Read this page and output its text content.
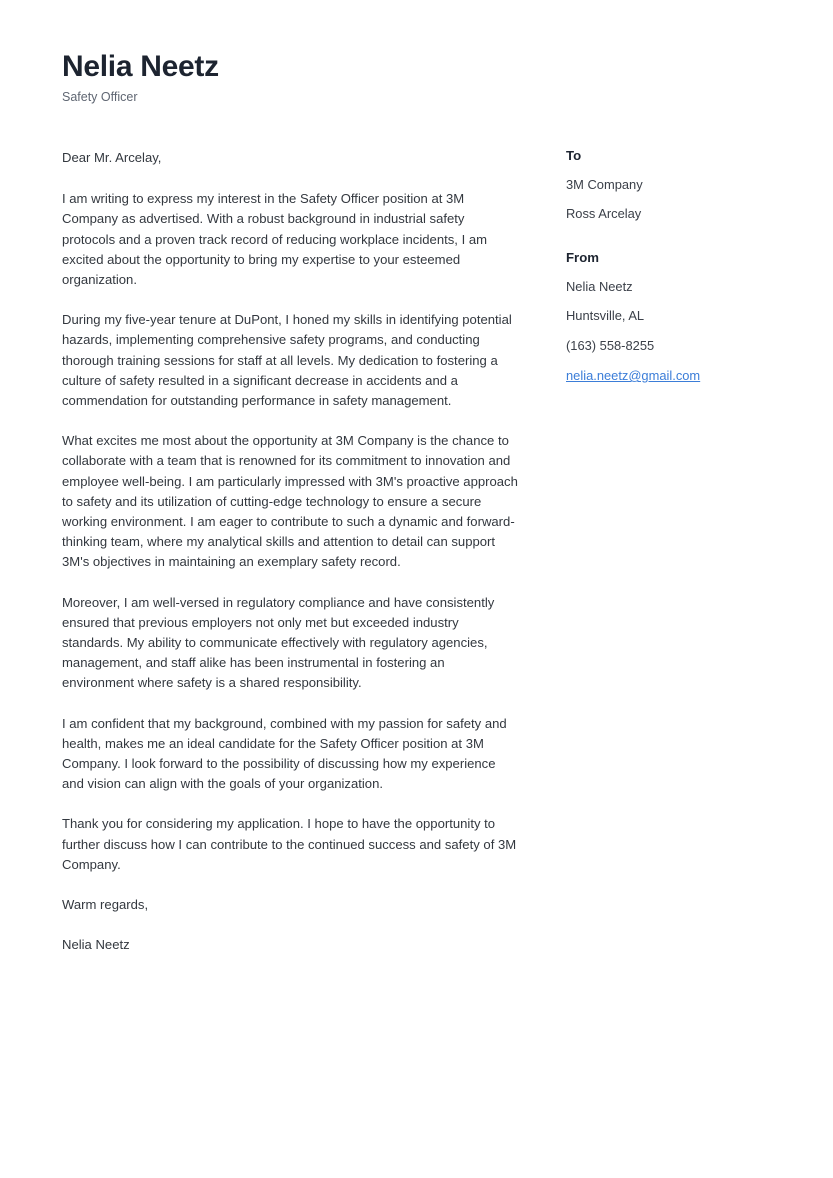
Nelia Neetz
Safety Officer

Dear Mr. Arcelay,

I am writing to express my interest in the Safety Officer position at 3M Company as advertised. With a robust background in industrial safety protocols and a proven track record of reducing workplace incidents, I am excited about the opportunity to bring my expertise to your esteemed organization.

During my five-year tenure at DuPont, I honed my skills in identifying potential hazards, implementing comprehensive safety programs, and conducting thorough training sessions for staff at all levels. My dedication to fostering a culture of safety resulted in a significant decrease in accidents and a commendation for outstanding performance in safety management.

What excites me most about the opportunity at 3M Company is the chance to collaborate with a team that is renowned for its commitment to innovation and employee well-being. I am particularly impressed with 3M's proactive approach to safety and its utilization of cutting-edge technology to ensure a secure working environment. I am eager to contribute to such a dynamic and forward-thinking team, where my analytical skills and attention to detail can support 3M's objectives in maintaining an exemplary safety record.

Moreover, I am well-versed in regulatory compliance and have consistently ensured that previous employers not only met but exceeded industry standards. My ability to communicate effectively with regulatory agencies, management, and staff alike has been instrumental in fostering an environment where safety is a shared responsibility.

I am confident that my background, combined with my passion for safety and health, makes me an ideal candidate for the Safety Officer position at 3M Company. I look forward to the possibility of discussing how my experience and vision can align with the goals of your organization.

Thank you for considering my application. I hope to have the opportunity to further discuss how I can contribute to the continued success and safety of 3M Company.

Warm regards,

Nelia Neetz

To
3M Company
Ross Arcelay
From
Nelia Neetz
Huntsville, AL
(163) 558-8255
nelia.neetz@gmail.com
